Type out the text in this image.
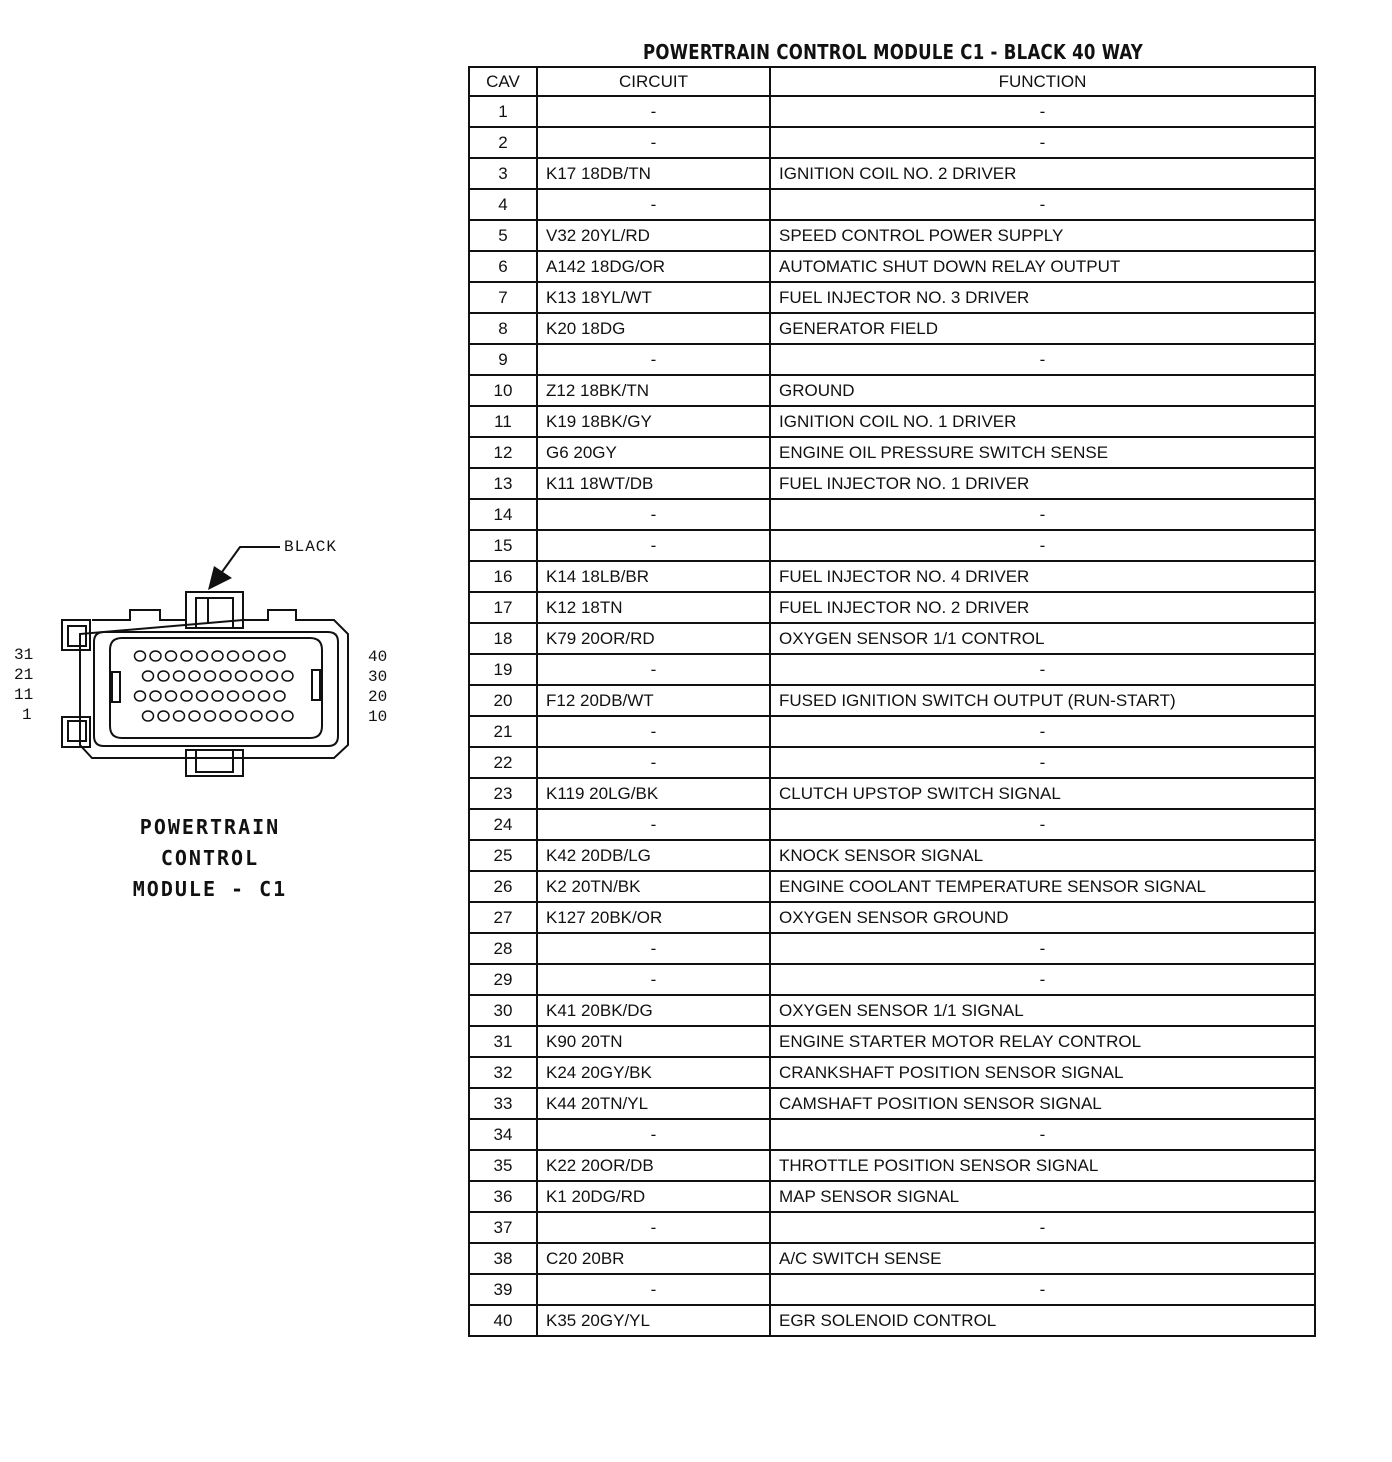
POWERTRAIN CONTROL MODULE C1 - BLACK 40 WAY
CAV	CIRCUIT	FUNCTION
1	-	-
2	-	-
3	K17 18DB/TN	IGNITION COIL NO. 2 DRIVER
4	-	-
5	V32 20YL/RD	SPEED CONTROL POWER SUPPLY
6	A142 18DG/OR	AUTOMATIC SHUT DOWN RELAY OUTPUT
7	K13 18YL/WT	FUEL INJECTOR NO. 3 DRIVER
8	K20 18DG	GENERATOR FIELD
9	-	-
10	Z12 18BK/TN	GROUND
11	K19 18BK/GY	IGNITION COIL NO. 1 DRIVER
12	G6 20GY	ENGINE OIL PRESSURE SWITCH SENSE
13	K11 18WT/DB	FUEL INJECTOR NO. 1 DRIVER
14	-	-
15	-	-
16	K14 18LB/BR	FUEL INJECTOR NO. 4 DRIVER
17	K12 18TN	FUEL INJECTOR NO. 2 DRIVER
18	K79 20OR/RD	OXYGEN SENSOR 1/1 CONTROL
19	-	-
20	F12 20DB/WT	FUSED IGNITION SWITCH OUTPUT (RUN-START)
21	-	-
22	-	-
23	K119 20LG/BK	CLUTCH UPSTOP SWITCH SIGNAL
24	-	-
25	K42 20DB/LG	KNOCK SENSOR SIGNAL
26	K2 20TN/BK	ENGINE COOLANT TEMPERATURE SENSOR SIGNAL
27	K127 20BK/OR	OXYGEN SENSOR GROUND
28	-	-
29	-	-
30	K41 20BK/DG	OXYGEN SENSOR 1/1 SIGNAL
31	K90 20TN	ENGINE STARTER MOTOR RELAY CONTROL
32	K24 20GY/BK	CRANKSHAFT POSITION SENSOR SIGNAL
33	K44 20TN/YL	CAMSHAFT POSITION SENSOR SIGNAL
34	-	-
35	K22 20OR/DB	THROTTLE POSITION SENSOR SIGNAL
36	K1 20DG/RD	MAP SENSOR SIGNAL
37	-	-
38	C20 20BR	A/C SWITCH SENSE
39	-	-
40	K35 20GY/YL	EGR SOLENOID CONTROL
BLACK
31
21
11
1
40
30
20
10
POWERTRAIN
CONTROL
MODULE - C1
